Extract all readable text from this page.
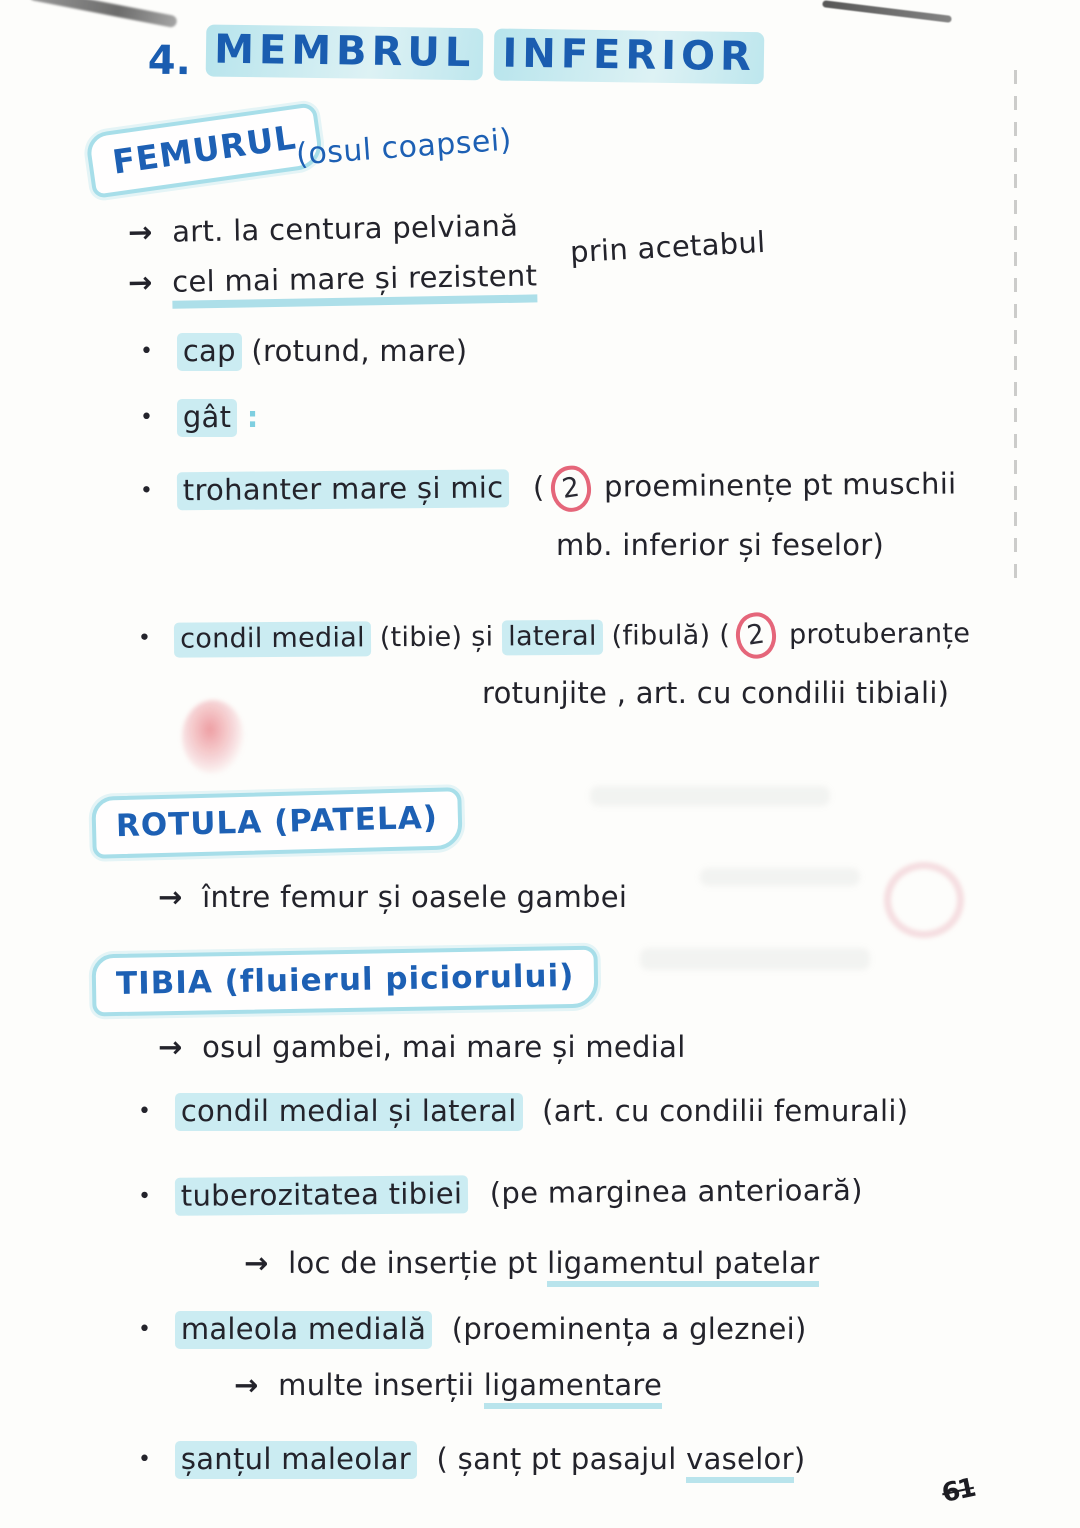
4. MEMBRUL INFERIOR
FEMURUL
(osul coapsei)
→ art. la centura pelviană prin acetabul
→ cel mai mare și rezistent
• cap (rotund, mare)
• gât :
• trohanter mare și mic ( 2 proeminențe pt muschii
mb. inferior și feselor)
• condil medial (tibie) și lateral (fibulă) ( 2 protuberanțe
rotunjite , art. cu condilii tibiali)
ROTULA (PATELA)
→ între femur și oasele gambei
TIBIA (fluierul piciorului)
→ osul gambei, mai mare și medial
• condil medial și lateral (art. cu condilii femurali)
• tuberozitatea tibiei (pe marginea anterioară)
→ loc de inserție pt ligamentul patelar
• maleola medială (proeminența a gleznei)
→ multe inserții ligamentare
• șanțul maleolar ( șanț pt pasajul vaselor)
61
